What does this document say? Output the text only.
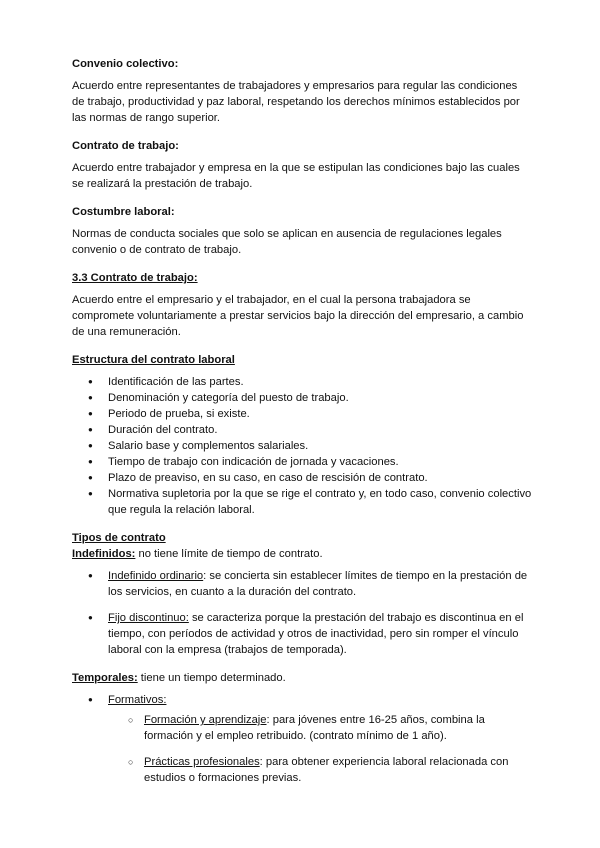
Convenio colectivo:

Acuerdo entre representantes de trabajadores y empresarios para regular las condiciones de trabajo, productividad y paz laboral, respetando los derechos mínimos establecidos por las normas de rango superior.

Contrato de trabajo:

Acuerdo entre trabajador y empresa en la que se estipulan las condiciones bajo las cuales se realizará la prestación de trabajo.

Costumbre laboral:

Normas de conducta sociales que solo se aplican en ausencia de regulaciones legales convenio o de contrato de trabajo.

3.3 Contrato de trabajo:

Acuerdo entre el empresario y el trabajador, en el cual la persona trabajadora se compromete voluntariamente a prestar servicios bajo la dirección del empresario, a cambio de una remuneración.

Estructura del contrato laboral

● Identificación de las partes.
● Denominación y categoría del puesto de trabajo.
● Periodo de prueba, si existe.
● Duración del contrato.
● Salario base y complementos salariales.
● Tiempo de trabajo con indicación de jornada y vacaciones.
● Plazo de preaviso, en su caso, en caso de rescisión de contrato.
● Normativa supletoria por la que se rige el contrato y, en todo caso, convenio colectivo que regula la relación laboral.

Tipos de contrato

Indefinidos: no tiene límite de tiempo de contrato.

● Indefinido ordinario: se concierta sin establecer límites de tiempo en la prestación de los servicios, en cuanto a la duración del contrato.
● Fijo discontinuo: se caracteriza porque la prestación del trabajo es discontinua en el tiempo, con períodos de actividad y otros de inactividad, pero sin romper el vínculo laboral con la empresa (trabajos de temporada).

Temporales: tiene un tiempo determinado.

● Formativos:
○ Formación y aprendizaje: para jóvenes entre 16-25 años, combina la formación y el empleo retribuido. (contrato mínimo de 1 año).
○ Prácticas profesionales: para obtener experiencia laboral relacionada con estudios o formaciones previas.
